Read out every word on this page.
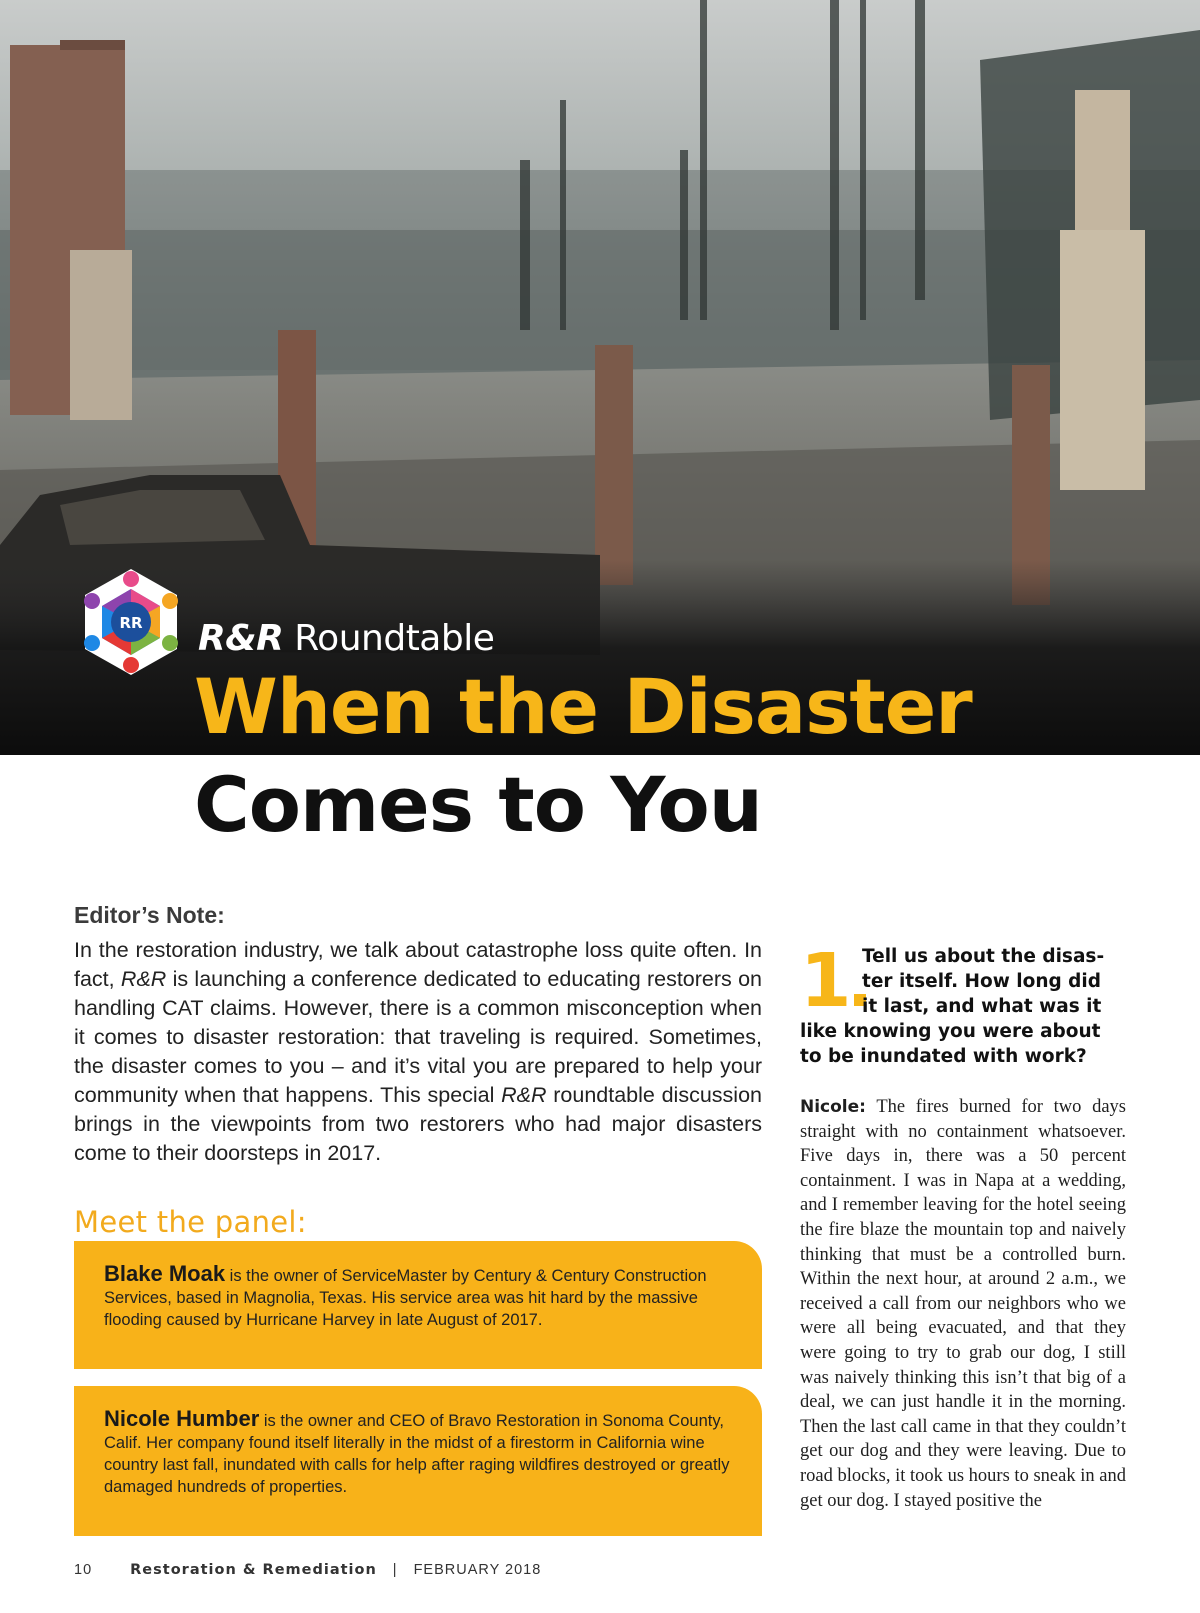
RR R&R Roundtable
When the Disaster
Comes to You
Editor’s Note:
In the restoration industry, we talk about catastrophe loss quite often. In fact, R&R is launching a conference dedicated to educating restorers on handling CAT claims. However, there is a common misconception when it comes to disaster restoration: that traveling is required. Sometimes, the disaster comes to you – and it’s vital you are prepared to help your community when that happens. This special R&R roundtable discussion brings in the viewpoints from two restorers who had major disasters come to their doorsteps in 2017.
Meet the panel:
Blake Moak is the owner of ServiceMaster by Century & Century Construction Services, based in Magnolia, Texas. His service area was hit hard by the massive flooding caused by Hurricane Harvey in late August of 2017.
Nicole Humber is the owner and CEO of Bravo Restoration in Sonoma County, Calif. Her company found itself literally in the midst of a firestorm in California wine country last fall, inundated with calls for help after raging wildfires destroyed or greatly damaged hundreds of properties.
1 Tell us about the disas-
ter itself. How long did
it last, and what was it
like knowing you were about to be inundated with work?
Nicole: The fires burned for two days straight with no containment whatsoever. Five days in, there was a 50 percent containment. I was in Napa at a wedding, and I remember leaving for the hotel seeing the fire blaze the mountain top and naively thinking that must be a controlled burn. Within the next hour, at around 2 a.m., we received a call from our neighbors who we were all being evacuated, and that they were going to try to grab our dog, I still was naively thinking this isn’t that big of a deal, we can just handle it in the morning. Then the last call came in that they couldn’t get our dog and they were leaving. Due to road blocks, it took us hours to sneak in and get our dog. I stayed positive the
10	Restoration & Remediation | FEBRUARY 2018
